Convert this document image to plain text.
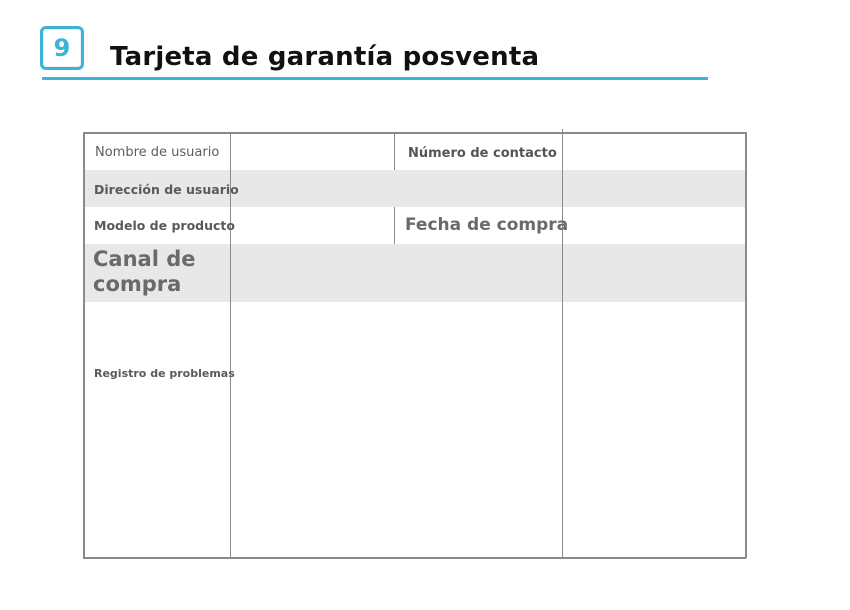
9 Tarjeta de garantía posventa
Nombre de usuario	Número de contacto
Dirección de usuario
Modelo de producto	Fecha de compra
Canal de
compra
Registro de problemas
